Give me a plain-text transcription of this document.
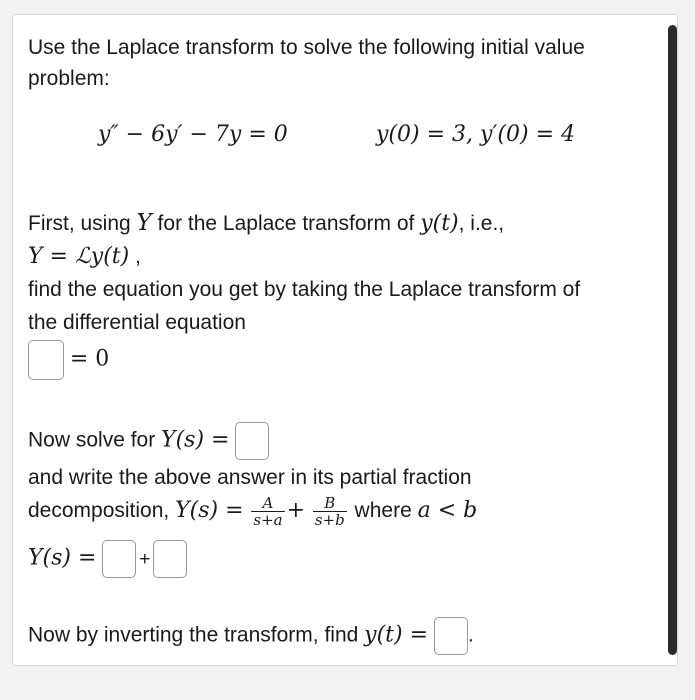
Use the Laplace transform to solve the following initial value
problem:
y″ − 6y′ − 7y = 0	y(0) = 3, y′(0) = 4
First, using Y for the Laplace transform of y(t), i.e.,
Y = ℒy(t) ,
find the equation you get by taking the Laplace transform of
the differential equation
= 0
Now solve for Y(s) =
and write the above answer in its partial fraction
decomposition, $Y(s) = \frac{A}{s+a} + \frac{B}{s+b}$ where a < b
Y(s) = +
Now by inverting the transform, find y(t) = .
